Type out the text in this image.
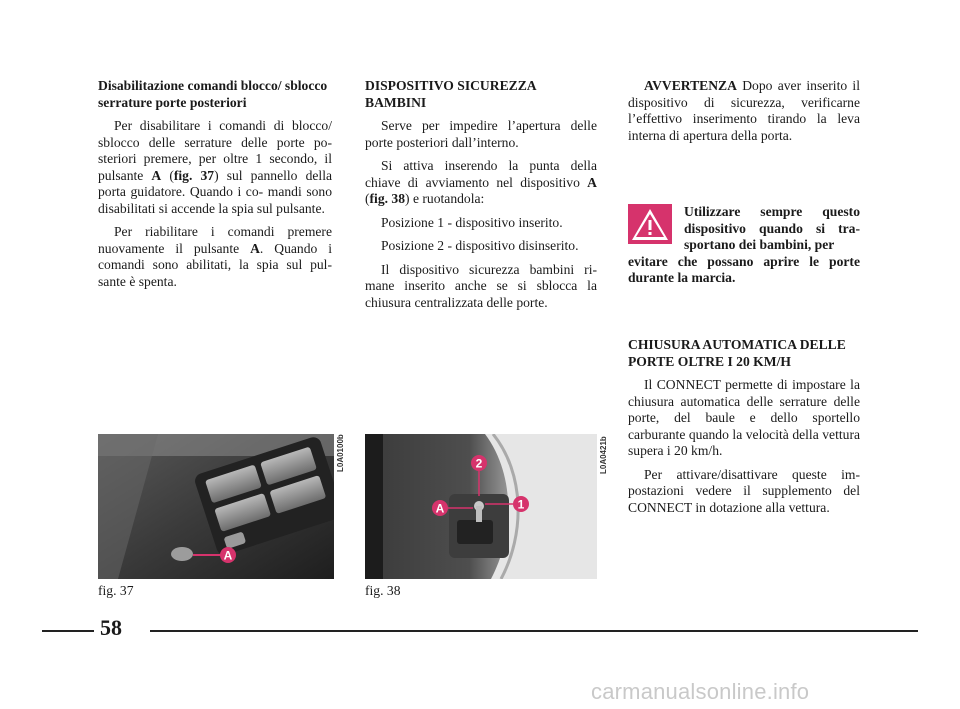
Disabilitazione comandi blocco/ sblocco serrature porte posteriori

Per disabilitare i comandi di blocco/ sblocco delle serrature delle porte po- steriori premere, per oltre 1 secondo, il pulsante A (fig. 37) sul pannello della porta guidatore. Quando i co- mandi sono disabilitati si accende la spia sul pulsante.

Per riabilitare i comandi premere nuovamente il pulsante A. Quando i comandi sono abilitati, la spia sul pul- sante è spenta.

DISPOSITIVO SICUREZZA BAMBINI

Serve per impedire l’apertura delle porte posteriori dall’interno.

Si attiva inserendo la punta della chiave di avviamento nel dispositivo A (fig. 38) e ruotandola:

Posizione 1 - dispositivo inserito.

Posizione 2 - dispositivo disinserito.

Il dispositivo sicurezza bambini ri- mane inserito anche se si sblocca la chiusura centralizzata delle porte.

AVVERTENZA Dopo aver inserito il dispositivo di sicurezza, verificarne l’effettivo inserimento tirando la leva interna di apertura della porta.

Utilizzare sempre questo dispositivo quando si tra- sportano dei bambini, per
evitare che possano aprire le porte durante la marcia.
CHIUSURA AUTOMATICA DELLE PORTE OLTRE I 20 KM/H

Il CONNECT permette di impostare la chiusura automatica delle serrature delle porte, del baule e dello sportello carburante quando la velocità della vettura supera i 20 km/h.

Per attivare/disattivare queste im- postazioni vedere il supplemento del CONNECT in dotazione alla vettura.

A
L0A0100b
fig. 37
2
A	1
L0A0421b
fig. 38
58
carmanualsonline.info
